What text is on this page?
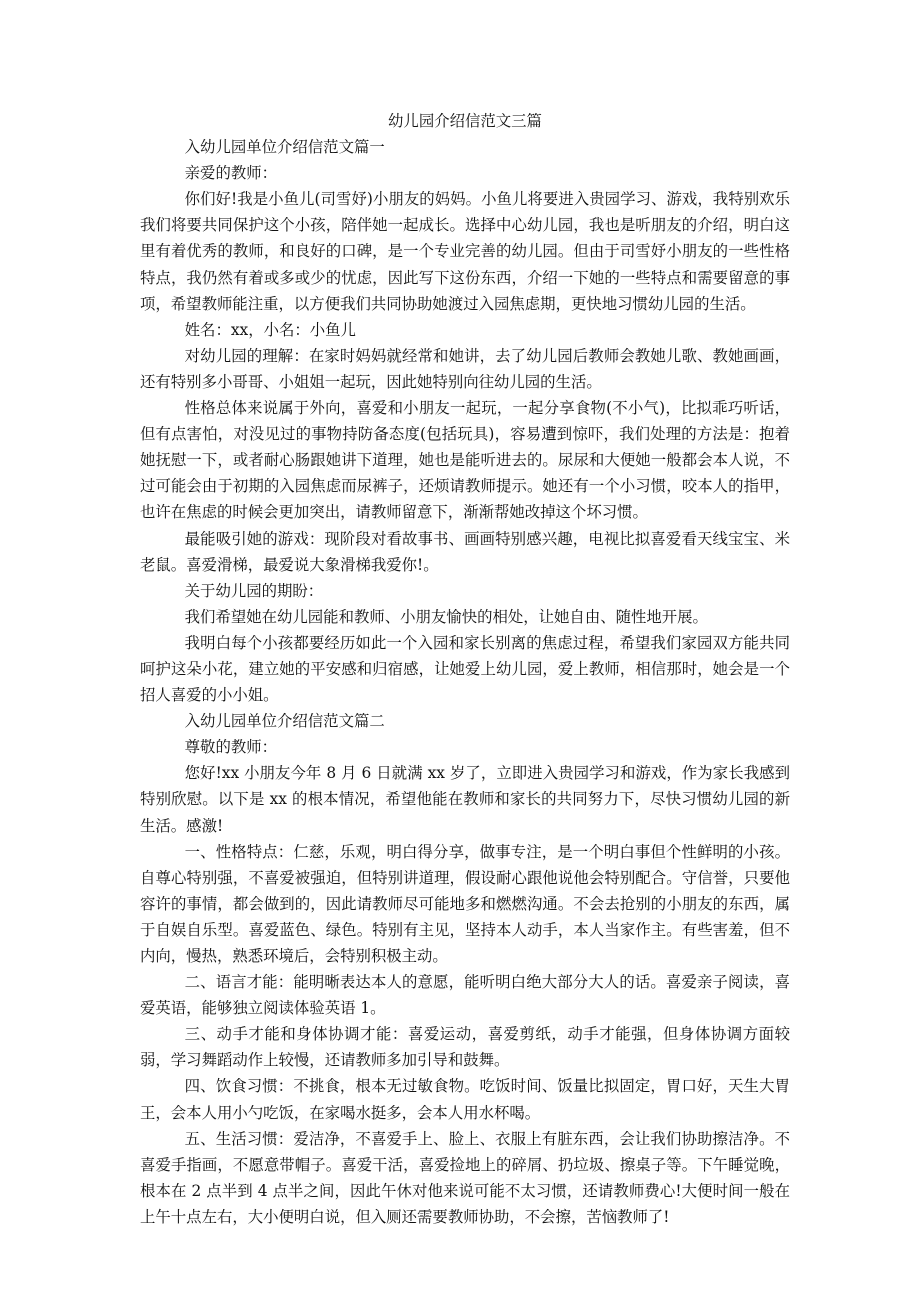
幼儿园介绍信范文三篇

入幼儿园单位介绍信范文篇一

亲爱的教师：

你们好!我是小鱼儿(司雪妤)小朋友的妈妈。小鱼儿将要进入贵园学习、游戏，我特别欢乐我们将要共同保护这个小孩，陪伴她一起成长。选择中心幼儿园，我也是听朋友的介绍，明白这里有着优秀的教师，和良好的口碑，是一个专业完善的幼儿园。但由于司雪妤小朋友的一些性格特点，我仍然有着或多或少的忧虑，因此写下这份东西，介绍一下她的一些特点和需要留意的事项，希望教师能注重，以方便我们共同协助她渡过入园焦虑期，更快地习惯幼儿园的生活。

姓名：xx，小名：小鱼儿

对幼儿园的理解：在家时妈妈就经常和她讲，去了幼儿园后教师会教她儿歌、教她画画，还有特别多小哥哥、小姐姐一起玩，因此她特别向往幼儿园的生活。

性格总体来说属于外向，喜爱和小朋友一起玩，一起分享食物(不小气)，比拟乖巧听话，但有点害怕，对没见过的事物持防备态度(包括玩具)，容易遭到惊吓，我们处理的方法是：抱着她抚慰一下，或者耐心肠跟她讲下道理，她也是能听进去的。尿尿和大便她一般都会本人说，不过可能会由于初期的入园焦虑而尿裤子，还烦请教师提示。她还有一个小习惯，咬本人的指甲，也许在焦虑的时候会更加突出，请教师留意下，渐渐帮她改掉这个坏习惯。

最能吸引她的游戏：现阶段对看故事书、画画特别感兴趣，电视比拟喜爱看天线宝宝、米老鼠。喜爱滑梯，最爱说大象滑梯我爱你!。

关于幼儿园的期盼：

我们希望她在幼儿园能和教师、小朋友愉快的相处，让她自由、随性地开展。

我明白每个小孩都要经历如此一个入园和家长别离的焦虑过程，希望我们家园双方能共同呵护这朵小花，建立她的平安感和归宿感，让她爱上幼儿园，爱上教师，相信那时，她会是一个招人喜爱的小小姐。

入幼儿园单位介绍信范文篇二

尊敬的教师：

您好!xx 小朋友今年 8 月 6 日就满 xx 岁了，立即进入贵园学习和游戏，作为家长我感到特别欣慰。以下是 xx 的根本情况，希望他能在教师和家长的共同努力下，尽快习惯幼儿园的新生活。感激!

一、性格特点：仁慈，乐观，明白得分享，做事专注，是一个明白事但个性鲜明的小孩。自尊心特别强，不喜爱被强迫，但特别讲道理，假设耐心跟他说他会特别配合。守信誉，只要他容许的事情，都会做到的，因此请教师尽可能地多和燃燃沟通。不会去抢别的小朋友的东西，属于自娱自乐型。喜爱蓝色、绿色。特别有主见，坚持本人动手，本人当家作主。有些害羞，但不内向，慢热，熟悉环境后，会特别积极主动。

二、语言才能：能明晰表达本人的意愿，能听明白绝大部分大人的话。喜爱亲子阅读，喜爱英语，能够独立阅读体验英语 1。

三、动手才能和身体协调才能：喜爱运动，喜爱剪纸，动手才能强，但身体协调方面较弱，学习舞蹈动作上较慢，还请教师多加引导和鼓舞。

四、饮食习惯：不挑食，根本无过敏食物。吃饭时间、饭量比拟固定，胃口好，天生大胃王，会本人用小勺吃饭，在家喝水挺多，会本人用水杯喝。

五、生活习惯：爱洁净，不喜爱手上、脸上、衣服上有脏东西，会让我们协助擦洁净。不喜爱手指画，不愿意带帽子。喜爱干活，喜爱捡地上的碎屑、扔垃圾、擦桌子等。下午睡觉晚，根本在 2 点半到 4 点半之间，因此午休对他来说可能不太习惯，还请教师费心!大便时间一般在上午十点左右，大小便明白说，但入厕还需要教师协助，不会擦，苦恼教师了!
